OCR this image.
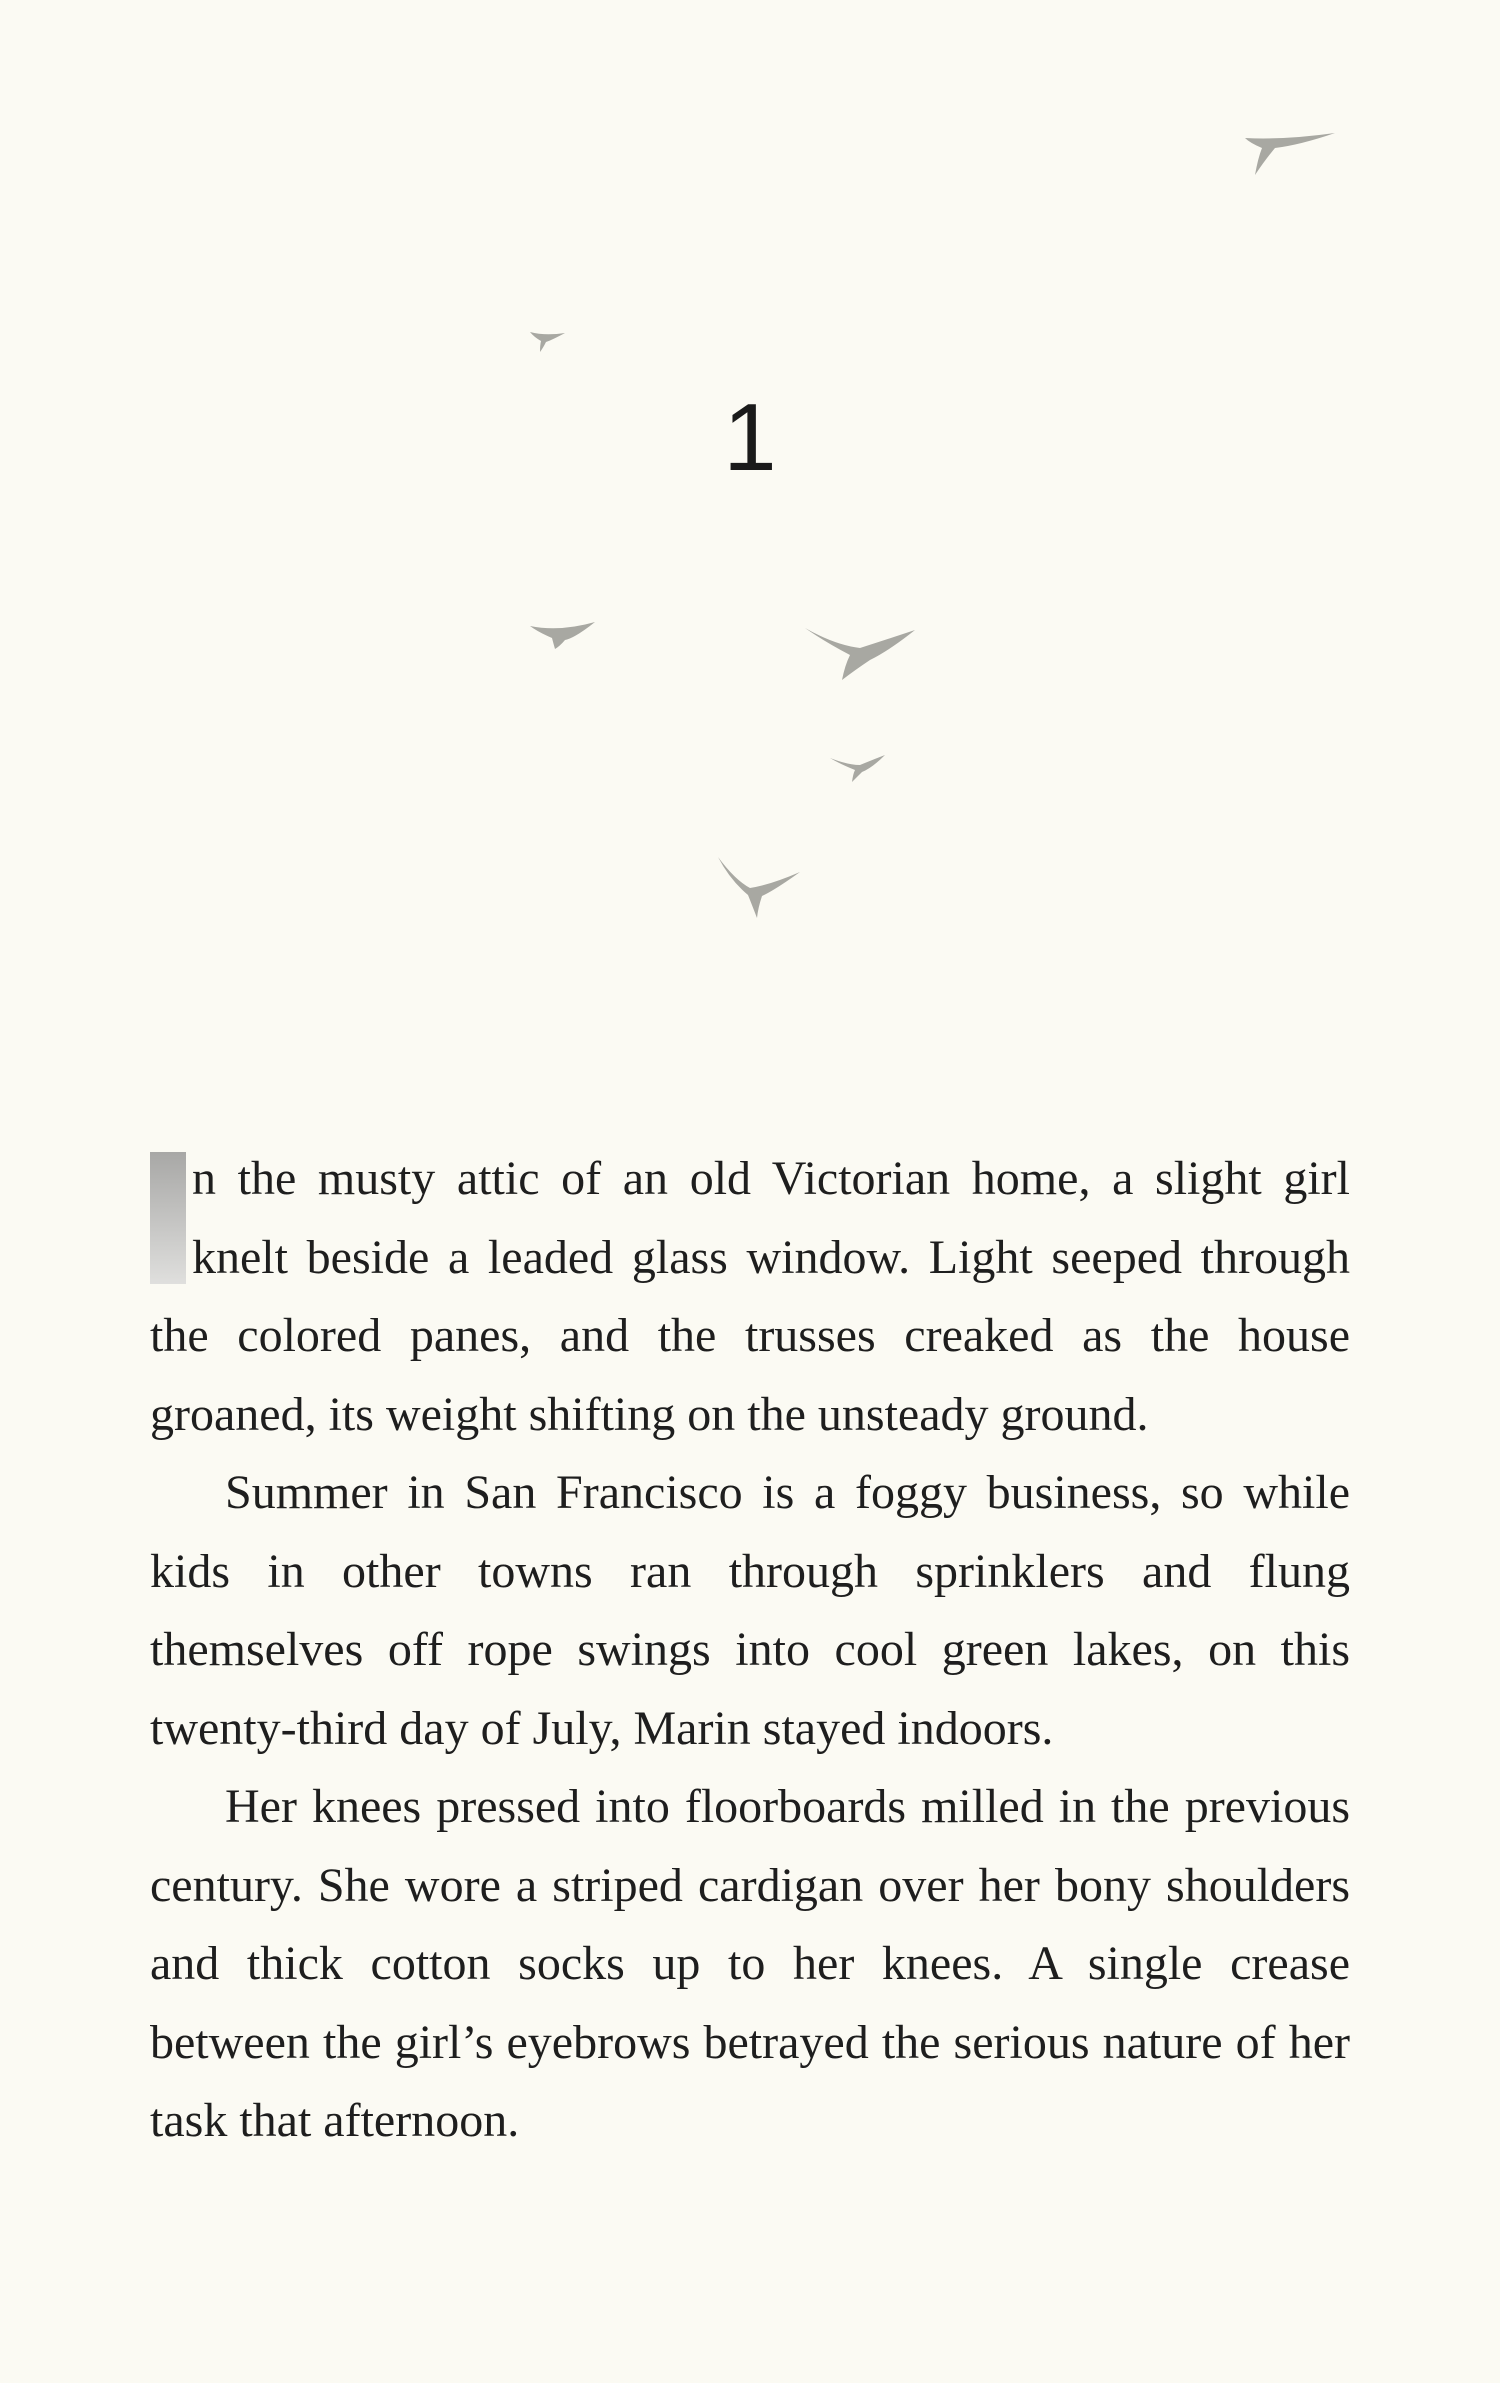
1

n the musty attic of an old Victorian home, a slight girl knelt beside a leaded glass window. Light seeped through the colored panes, and the trusses creaked as the house groaned, its weight shifting on the unsteady ground.

Summer in San Francisco is a foggy business, so while kids in other towns ran through sprinklers and flung themselves off rope swings into cool green lakes, on this twenty-third day of July, Marin stayed indoors.

Her knees pressed into floorboards milled in the previous century. She wore a striped cardigan over her bony shoulders and thick cotton socks up to her knees. A single crease between the girl’s eyebrows betrayed the serious nature of her task that afternoon.
